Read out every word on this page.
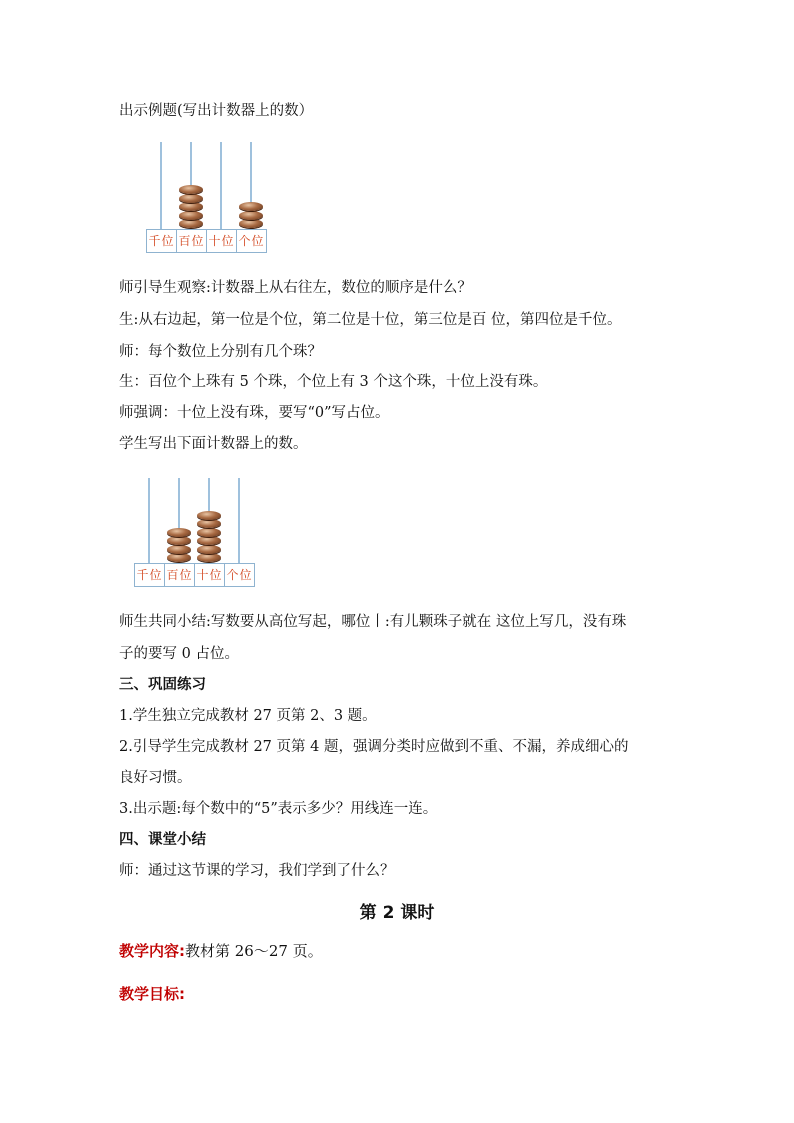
出示例题(写出计数器上的数）
千位 百位 十位 个位
师引导生观察:计数器上从右往左，数位的顺序是什么？
生:从右边起，第一位是个位，第二位是十位，第三位是百 位，第四位是千位。
师：每个数位上分别有几个珠？
生：百位个上珠有 5 个珠，个位上有 3 个这个珠，十位上没有珠。
师强调：十位上没有珠，要写“0”写占位。
学生写出下面计数器上的数。
千位 百位 十位 个位
师生共同小结:写数要从高位写起，哪位丨:有儿颗珠子就在 这位上写几，没有珠
子的要写 0 占位。
三、巩固练习
1.学生独立完成教材 27 页第 2、3 题。
2.引导学生完成教材 27 页第 4 题，强调分类时应做到不重、不漏，养成细心的
良好习惯。
3.出示题:每个数中的“5”表示多少？用线连一连。
四、课堂小结
师：通过这节课的学习，我们学到了什么？
第 2 课时
教学内容:教材第 26～27 页。
教学目标:
